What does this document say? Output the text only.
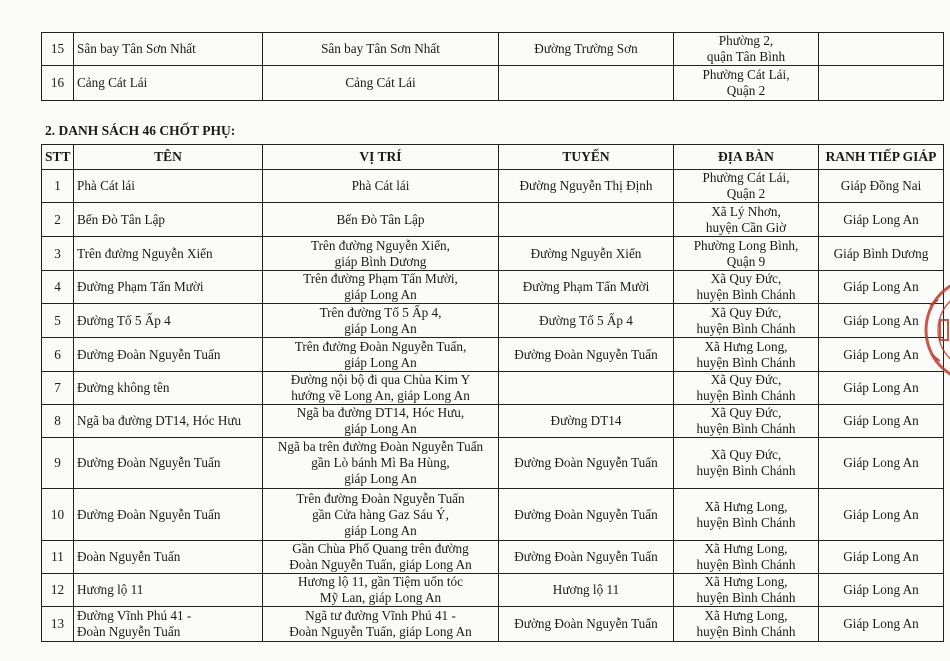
15	Sân bay Tân Sơn Nhất	Sân bay Tân Sơn Nhất	Đường Trường Sơn	Phường 2,
quận Tân Bình	
16	Cảng Cát Lái	Cảng Cát Lái		Phường Cát Lái,
Quận 2	
2. DANH SÁCH 46 CHỐT PHỤ:
STT	TÊN	VỊ TRÍ	TUYẾN	ĐỊA BÀN	RANH TIẾP GIÁP
1	Phà Cát lái	Phà Cát lái	Đường Nguyễn Thị Định	Phường Cát Lái,
Quận 2	Giáp Đồng Nai
2	Bến Đò Tân Lập	Bến Đò Tân Lập		Xã Lý Nhơn,
huyện Cần Giờ	Giáp Long An
3	Trên đường Nguyễn Xiển	Trên đường Nguyễn Xiển,
giáp Bình Dương	Đường Nguyễn Xiển	Phường Long Bình,
Quận 9	Giáp Bình Dương
4	Đường Phạm Tấn Mười	Trên đường Phạm Tấn Mười,
giáp Long An	Đường Phạm Tấn Mười	Xã Quy Đức,
huyện Bình Chánh	Giáp Long An
5	Đường Tố 5 Ấp 4	Trên đường Tố 5 Ấp 4,
giáp Long An	Đường Tố 5 Ấp 4	Xã Quy Đức,
huyện Bình Chánh	Giáp Long An
6	Đường Đoàn Nguyễn Tuấn	Trên đường Đoàn Nguyễn Tuấn,
giáp Long An	Đường Đoàn Nguyễn Tuấn	Xã Hưng Long,
huyện Bình Chánh	Giáp Long An
7	Đường không tên	Đường nội bộ đi qua Chùa Kim Y
hướng về Long An, giáp Long An		Xã Quy Đức,
huyện Bình Chánh	Giáp Long An
8	Ngã ba đường DT14, Hóc Hưu	Ngã ba đường DT14, Hóc Hưu,
giáp Long An	Đường DT14	Xã Quy Đức,
huyện Bình Chánh	Giáp Long An
9	Đường Đoàn Nguyễn Tuấn	Ngã ba trên đường Đoàn Nguyễn Tuấn
gần Lò bánh Mì Ba Hùng,
giáp Long An	Đường Đoàn Nguyễn Tuấn	Xã Quy Đức,
huyện Bình Chánh	Giáp Long An
10	Đường Đoàn Nguyễn Tuấn	Trên đường Đoàn Nguyễn Tuấn
gần Cửa hàng Gaz Sáu Ý,
giáp Long An	Đường Đoàn Nguyễn Tuấn	Xã Hưng Long,
huyện Bình Chánh	Giáp Long An
11	Đoàn Nguyễn Tuấn	Gần Chùa Phổ Quang trên đường
Đoàn Nguyễn Tuấn, giáp Long An	Đường Đoàn Nguyễn Tuấn	Xã Hưng Long,
huyện Bình Chánh	Giáp Long An
12	Hương lộ 11	Hương lộ 11, gần Tiệm uốn tóc
Mỹ Lan, giáp Long An	Hương lộ 11	Xã Hưng Long,
huyện Bình Chánh	Giáp Long An
13	Đường Vĩnh Phú 41 -
Đoàn Nguyễn Tuấn	Ngã tư đường Vĩnh Phú 41 -
Đoàn Nguyễn Tuấn, giáp Long An	Đường Đoàn Nguyễn Tuấn	Xã Hưng Long,
huyện Bình Chánh	Giáp Long An
